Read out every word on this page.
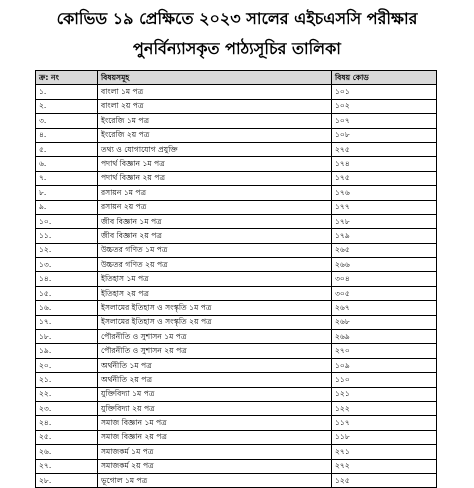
কোভিড ১৯ প্রেক্ষিতে ২০২৩ সালের এইচএসসি পরীক্ষার
পুনর্বিন্যাসকৃত পাঠ্যসূচির তালিকা
ক্র: নং	বিষয়সমূহ	বিষয় কোড
১.	বাংলা ১ম পত্র	১০১
২.	বাংলা ২য় পত্র	১০২
৩.	ইংরেজি ১ম পত্র	১০৭
৪.	ইংরেজি ২য় পত্র	১০৮
৫.	তথ্য ও যোগাযোগ প্রযুক্তি	২৭৫
৬.	পদার্থ বিজ্ঞান ১ম পত্র	১৭৪
৭.	পদার্থ বিজ্ঞান ২য় পত্র	১৭৫
৮.	রসায়ন ১ম পত্র	১৭৬
৯.	রসায়ন ২য় পত্র	১৭৭
১০.	জীব বিজ্ঞান ১ম পত্র	১৭৮
১১.	জীব বিজ্ঞান ২য় পত্র	১৭৯
১২.	উচ্চতর গণিত ১ম পত্র	২৬৫
১৩.	উচ্চতর গণিত ২য় পত্র	২৬৬
১৪.	ইতিহাস ১ম পত্র	৩০৪
১৫.	ইতিহাস ২য় পত্র	৩০৫
১৬.	ইসলামের ইতিহাস ও সংস্কৃতি ১ম পত্র	২৬৭
১৭.	ইসলামের ইতিহাস ও সংস্কৃতি ২য় পত্র	২৬৮
১৮.	পৌরনীতি ও সুশাসন ১ম পত্র	২৬৯
১৯.	পৌরনীতি ও সুশাসন ২য় পত্র	২৭০
২০.	অর্থনীতি ১ম পত্র	১০৯
২১.	অর্থনীতি ২য় পত্র	১১০
২২.	যুক্তিবিদ্যা ১ম পত্র	১২১
২৩.	যুক্তিবিদ্যা ২য় পত্র	১২২
২৪.	সমাজ বিজ্ঞান ১ম পত্র	১১৭
২৫.	সমাজ বিজ্ঞান ২য় পত্র	১১৮
২৬.	সমাজকর্ম ১ম পত্র	২৭১
২৭.	সমাজকর্ম ২য় পত্র	২৭২
২৮.	ভূগোল ১ম পত্র	১২৫
